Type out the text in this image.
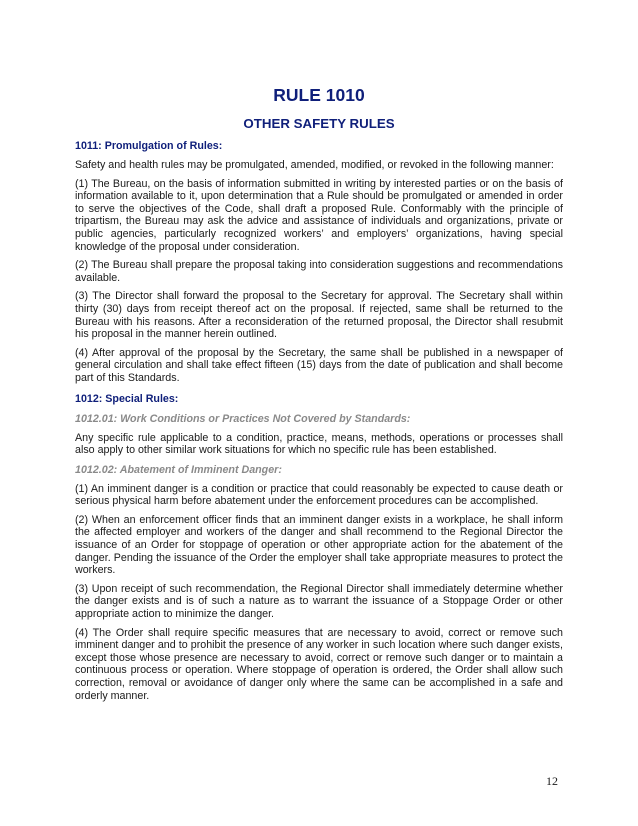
RULE 1010
OTHER SAFETY RULES
1011: Promulgation of Rules:

Safety and health rules may be promulgated, amended, modified, or revoked in the following manner:

(1) The Bureau, on the basis of information submitted in writing by interested parties or on the basis of information available to it, upon determination that a Rule should be promulgated or amended in order to serve the objectives of the Code, shall draft a proposed Rule. Conformably with the principle of tripartism, the Bureau may ask the advice and assistance of individuals and organizations, private or public agencies, particularly recognized workers’ and employers’ organizations, having special knowledge of the proposal under consideration.

(2) The Bureau shall prepare the proposal taking into consideration suggestions and recommendations available.

(3) The Director shall forward the proposal to the Secretary for approval. The Secretary shall within thirty (30) days from receipt thereof act on the proposal. If rejected, same shall be returned to the Bureau with his reasons. After a reconsideration of the returned proposal, the Director shall resubmit his proposal in the manner herein outlined.

(4) After approval of the proposal by the Secretary, the same shall be published in a newspaper of general circulation and shall take effect fifteen (15) days from the date of publication and shall become part of this Standards.

1012: Special Rules:
1012.01: Work Conditions or Practices Not Covered by Standards:

Any specific rule applicable to a condition, practice, means, methods, operations or processes shall also apply to other similar work situations for which no specific rule has been established.

1012.02: Abatement of Imminent Danger:

(1) An imminent danger is a condition or practice that could reasonably be expected to cause death or serious physical harm before abatement under the enforcement procedures can be accomplished.

(2) When an enforcement officer finds that an imminent danger exists in a workplace, he shall inform the affected employer and workers of the danger and shall recommend to the Regional Director the issuance of an Order for stoppage of operation or other appropriate action for the abatement of the danger. Pending the issuance of the Order the employer shall take appropriate measures to protect the workers.

(3) Upon receipt of such recommendation, the Regional Director shall immediately determine whether the danger exists and is of such a nature as to warrant the issuance of a Stoppage Order or other appropriate action to minimize the danger.

(4) The Order shall require specific measures that are necessary to avoid, correct or remove such imminent danger and to prohibit the presence of any worker in such location where such danger exists, except those whose presence are necessary to avoid, correct or remove such danger or to maintain a continuous process or operation. Where stoppage of operation is ordered, the Order shall allow such correction, removal or avoidance of danger only where the same can be accomplished in a safe and orderly manner.

12
